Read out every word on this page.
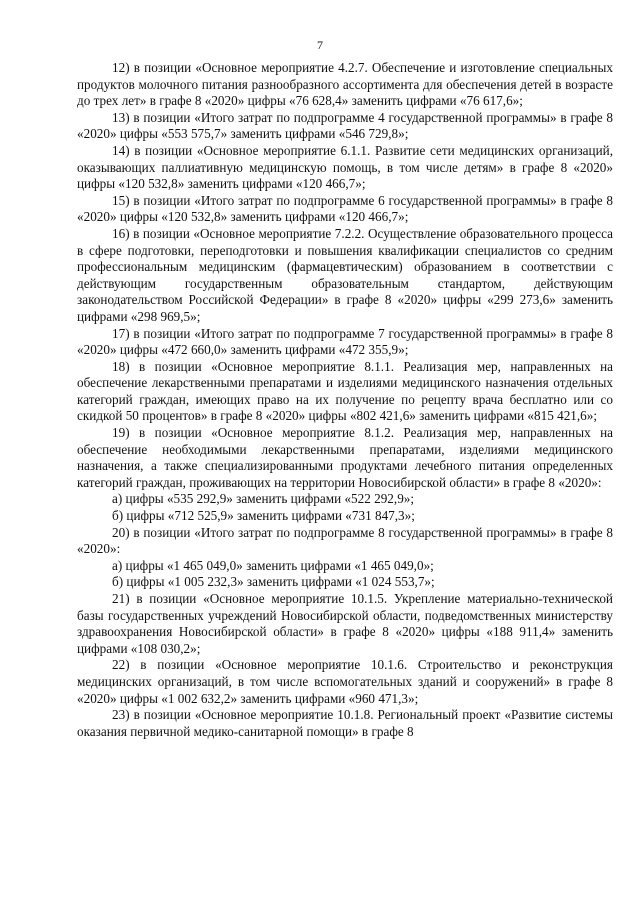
7

12) в позиции «Основное мероприятие 4.2.7. Обеспечение и изготовление специальных продуктов молочного питания разнообразного ассортимента для обеспечения детей в возрасте до трех лет» в графе 8 «2020» цифры «76 628,4» заменить цифрами «76 617,6»;

13) в позиции «Итого затрат по подпрограмме 4 государственной программы» в графе 8 «2020» цифры «553 575,7» заменить цифрами «546 729,8»;

14) в позиции «Основное мероприятие 6.1.1. Развитие сети медицинских организаций, оказывающих паллиативную медицинскую помощь, в том числе детям» в графе 8 «2020» цифры «120 532,8» заменить цифрами «120 466,7»;

15) в позиции «Итого затрат по подпрограмме 6 государственной программы» в графе 8 «2020» цифры «120 532,8» заменить цифрами «120 466,7»;

16) в позиции «Основное мероприятие 7.2.2. Осуществление образовательного процесса в сфере подготовки, переподготовки и повышения квалификации специалистов со средним профессиональным медицинским (фармацевтическим) образованием в соответствии с действующим государственным образовательным стандартом, действующим законодательством Российской Федерации» в графе 8 «2020» цифры «299 273,6» заменить цифрами «298 969,5»;

17) в позиции «Итого затрат по подпрограмме 7 государственной программы» в графе 8 «2020» цифры «472 660,0» заменить цифрами «472 355,9»;

18) в позиции «Основное мероприятие 8.1.1. Реализация мер, направленных на обеспечение лекарственными препаратами и изделиями медицинского назначения отдельных категорий граждан, имеющих право на их получение по рецепту врача бесплатно или со скидкой 50 процентов» в графе 8 «2020» цифры «802 421,6» заменить цифрами «815 421,6»;

19) в позиции «Основное мероприятие 8.1.2. Реализация мер, направленных на обеспечение необходимыми лекарственными препаратами, изделиями медицинского назначения, а также специализированными продуктами лечебного питания определенных категорий граждан, проживающих на территории Новосибирской области» в графе 8 «2020»:

а) цифры «535 292,9» заменить цифрами «522 292,9»;

б) цифры «712 525,9» заменить цифрами «731 847,3»;

20) в позиции «Итого затрат по подпрограмме 8 государственной программы» в графе 8 «2020»:

а) цифры «1 465 049,0» заменить цифрами «1 465 049,0»;

б) цифры «1 005 232,3» заменить цифрами «1 024 553,7»;

21) в позиции «Основное мероприятие 10.1.5. Укрепление материально-технической базы государственных учреждений Новосибирской области, подведомственных министерству здравоохранения Новосибирской области» в графе 8 «2020» цифры «188 911,4» заменить цифрами «108 030,2»;

22) в позиции «Основное мероприятие 10.1.6. Строительство и реконструкция медицинских организаций, в том числе вспомогательных зданий и сооружений» в графе 8 «2020» цифры «1 002 632,2» заменить цифрами «960 471,3»;

23) в позиции «Основное мероприятие 10.1.8. Региональный проект «Развитие системы оказания первичной медико-санитарной помощи» в графе 8
